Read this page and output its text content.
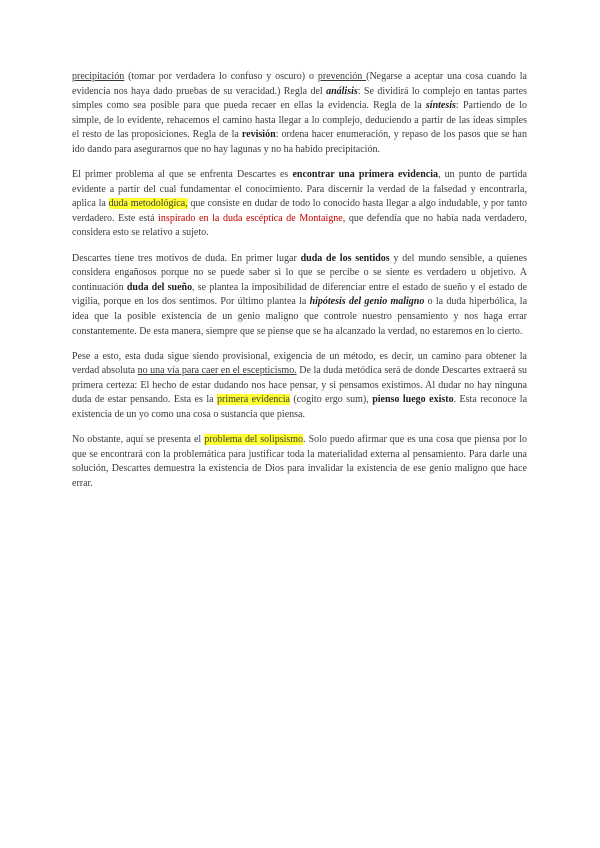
precipitación (tomar por verdadera lo confuso y oscuro) o prevención (Negarse a aceptar una cosa cuando la evidencia nos haya dado pruebas de su veracidad.) Regla del análisis: Se dividirá lo complejo en tantas partes simples como sea posible para que pueda recaer en ellas la evidencia. Regla de la síntesis: Partiendo de lo simple, de lo evidente, rehacemos el camino hasta llegar a lo complejo, deduciendo a partir de las ideas simples el resto de las proposiciones. Regla de la revisión: ordena hacer enumeración, y repaso de los pasos que se han ido dando para asegurarnos que no hay lagunas y no ha habido precipitación.

El primer problema al que se enfrenta Descartes es encontrar una primera evidencia, un punto de partida evidente a partir del cual fundamentar el conocimiento. Para discernir la verdad de la falsedad y encontrarla, aplica la duda metodológica, que consiste en dudar de todo lo conocido hasta llegar a algo indudable, y por tanto verdadero. Este está inspirado en la duda escéptica de Montaigne, que defendía que no había nada verdadero, considera esto se relativo a sujeto.

Descartes tiene tres motivos de duda. En primer lugar duda de los sentidos y del mundo sensible, a quienes considera engañosos porque no se puede saber si lo que se percibe o se siente es verdadero u objetivo. A continuación duda del sueño, se plantea la imposibilidad de diferenciar entre el estado de sueño y el estado de vigilia, porque en los dos sentimos. Por último plantea la hipótesis del genio maligno o la duda hiperbólica, la idea que la posible existencia de un genio maligno que controle nuestro pensamiento y nos haga errar constantemente. De esta manera, siempre que se piense que se ha alcanzado la verdad, no estaremos en lo cierto.

Pese a esto, esta duda sigue siendo provisional, exigencia de un método, es decir, un camino para obtener la verdad absoluta no una vía para caer en el escepticismo. De la duda metódica será de donde Descartes extraerá su primera certeza: El hecho de estar dudando nos hace pensar, y si pensamos existimos. Al dudar no hay ninguna duda de estar pensando. Esta es la primera evidencia (cogito ergo sum), pienso luego existo. Esta reconoce la existencia de un yo como una cosa o sustancia que piensa.

No obstante, aquí se presenta el problema del solipsismo. Solo puedo afirmar que es una cosa que piensa por lo que se encontrará con la problemática para justificar toda la materialidad externa al pensamiento. Para darle una solución, Descartes demuestra la existencia de Dios para invalidar la existencia de ese genio maligno que hace errar.
